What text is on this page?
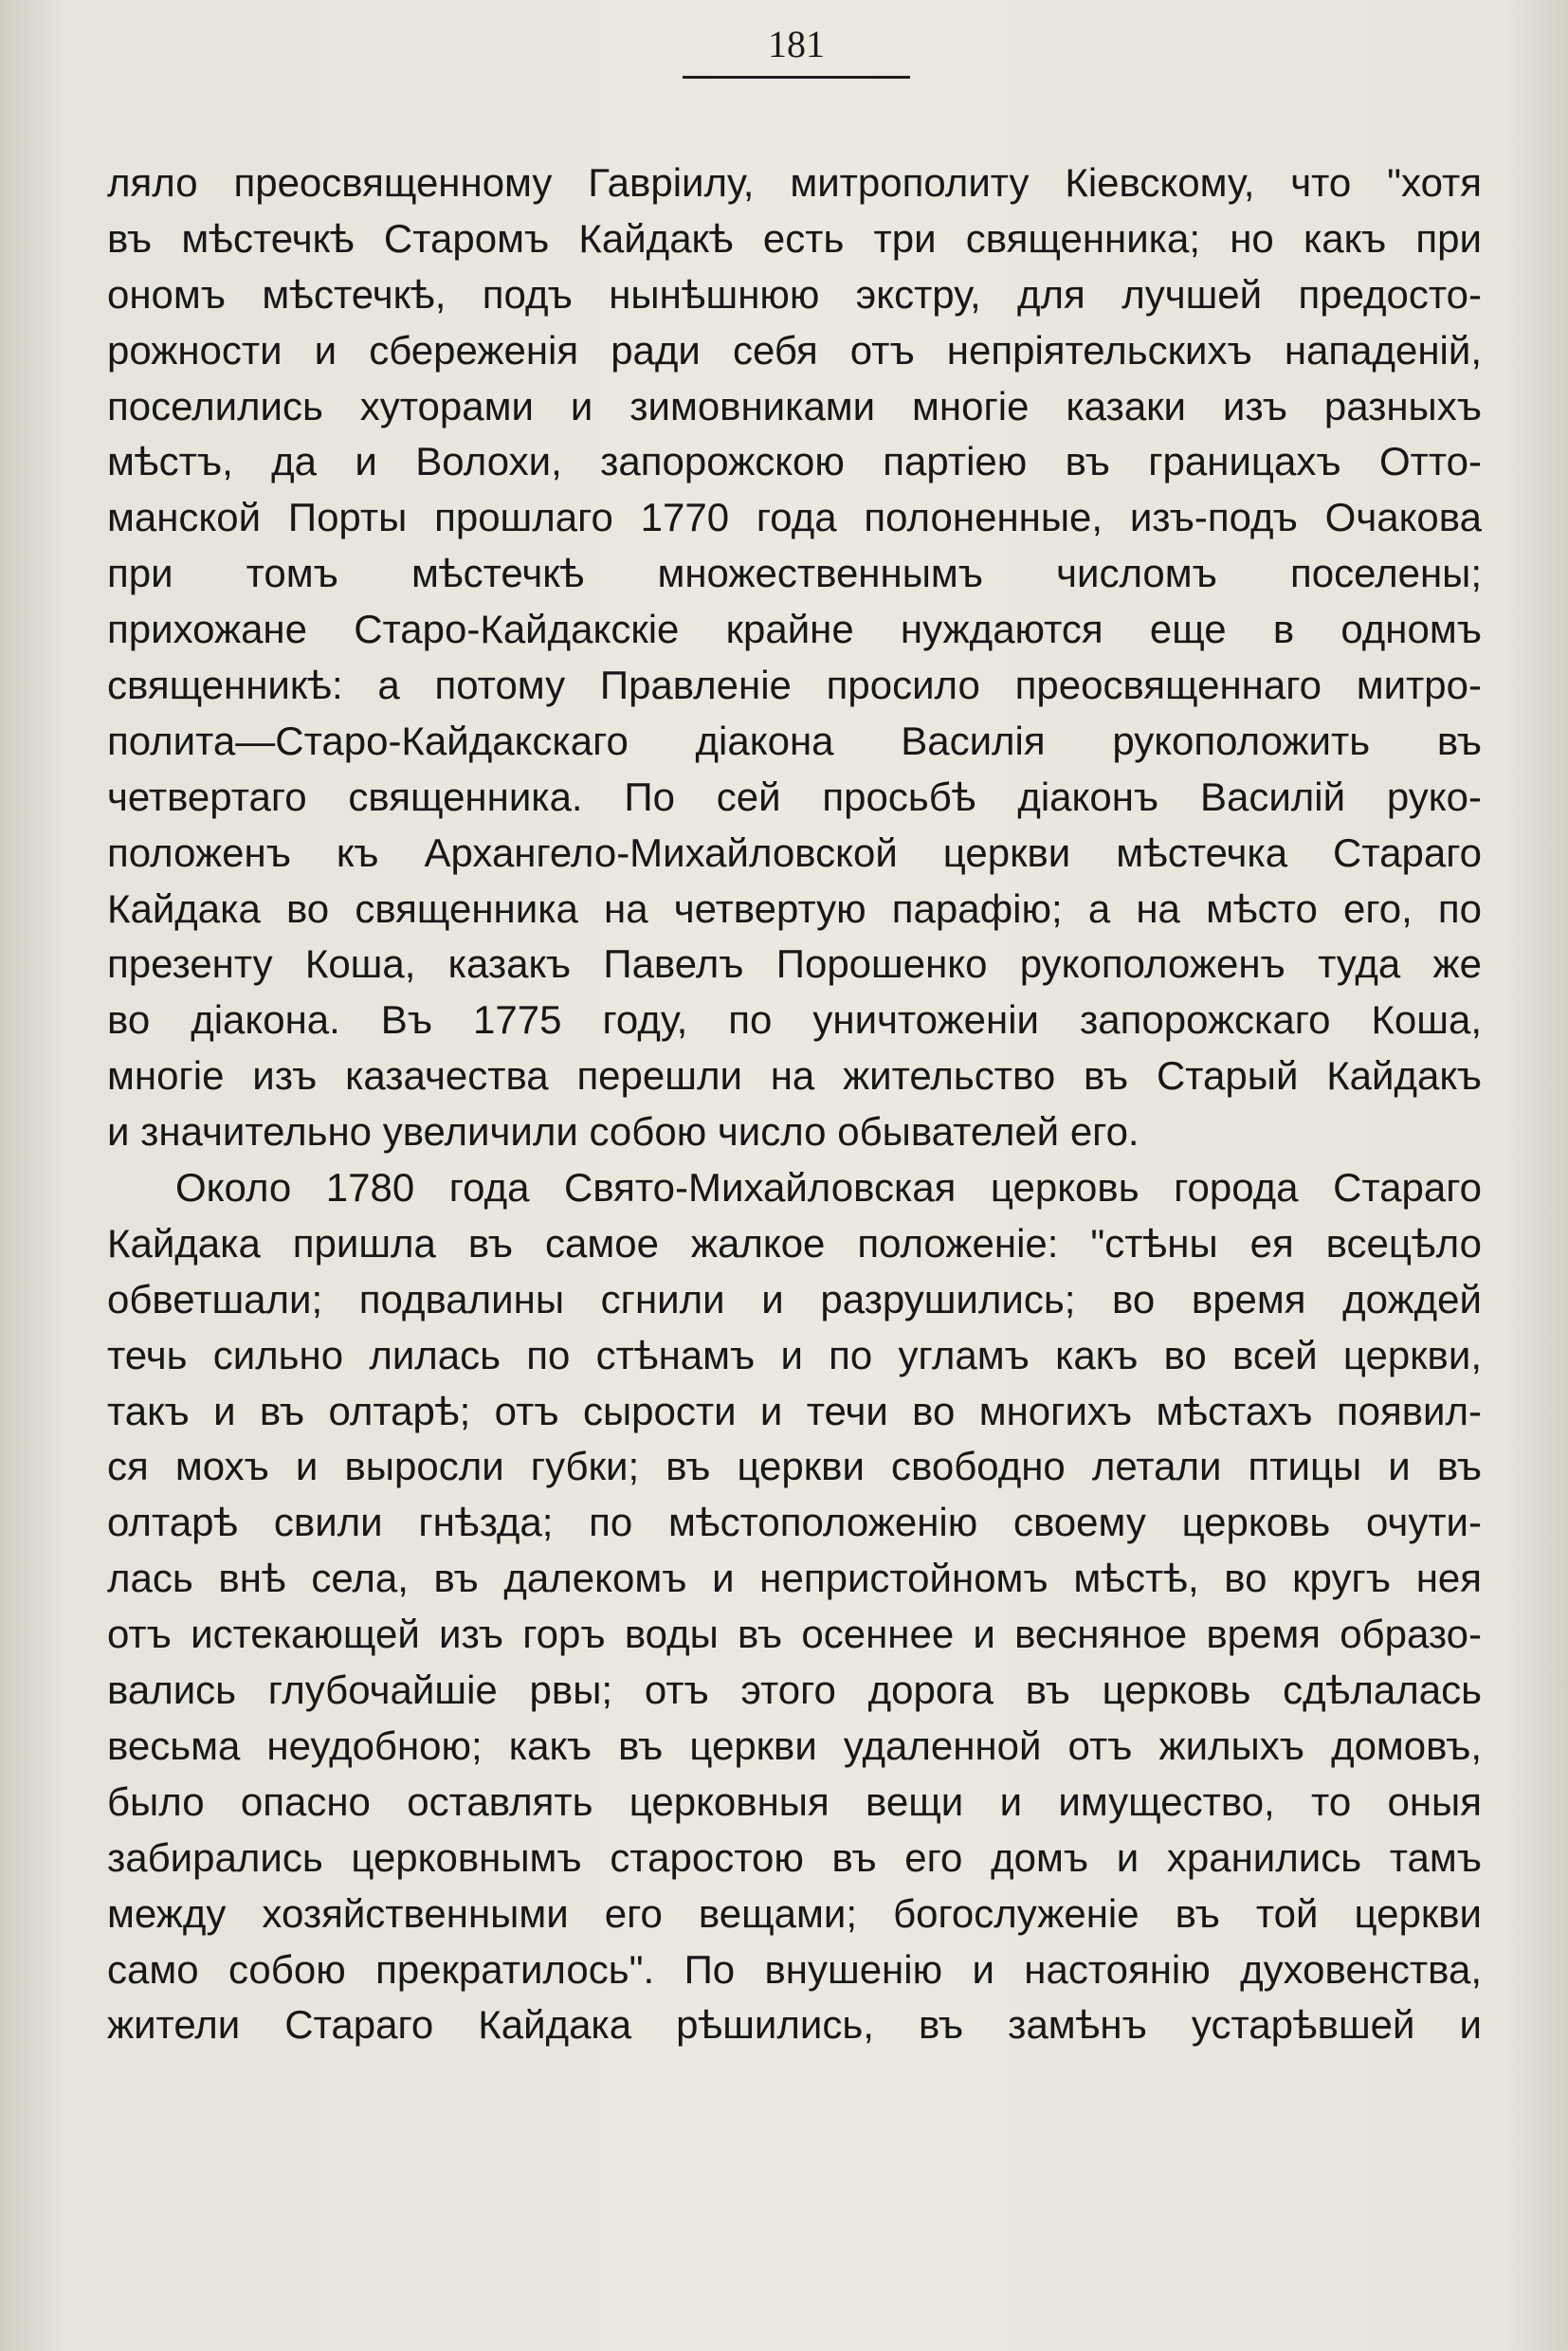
181
ляло преосвященному Гавріилу, митрополиту Кіевскому, что "хотя
въ мѣстечкѣ Старомъ Кайдакѣ есть три священника; но какъ при
ономъ мѣстечкѣ, подъ нынѣшнюю экстру, для лучшей предосто-
рожности и сбереженія ради себя отъ непріятельскихъ нападеній,
поселились хуторами и зимовниками многіе казаки изъ разныхъ
мѣстъ, да и Волохи, запорожскою партіею въ границахъ Отто-
манской Порты прошлаго 1770 года полоненные, изъ-подъ Очакова
при томъ мѣстечкѣ множественнымъ числомъ поселены;
прихожане Старо-Кайдакскіе крайне нуждаются еще в одномъ
священникѣ: а потому Правленіе просило преосвященнаго митро-
полита—Старо-Кайдакскаго діакона Василія рукоположить въ
четвертаго священника. По сей просьбѣ діаконъ Василій руко-
положенъ къ Архангело-Михайловской церкви мѣстечка Стараго
Кайдака во священника на четвертую парафію; а на мѣсто его, по
презенту Коша, казакъ Павелъ Порошенко рукоположенъ туда же
во діакона. Въ 1775 году, по уничтоженіи запорожскаго Коша,
многіе изъ казачества перешли на жительство въ Старый Кайдакъ
и значительно увеличили собою число обывателей его.
Около 1780 года Свято-Михайловская церковь города Стараго
Кайдака пришла въ самое жалкое положеніе: "стѣны ея всецѣло
обветшали; подвалины сгнили и разрушились; во время дождей
течь сильно лилась по стѣнамъ и по угламъ какъ во всей церкви,
такъ и въ олтарѣ; отъ сырости и течи во многихъ мѣстахъ появил-
ся мохъ и выросли губки; въ церкви свободно летали птицы и въ
олтарѣ свили гнѣзда; по мѣстоположенію своему церковь очути-
лась внѣ села, въ далекомъ и непристойномъ мѣстѣ, во кругъ нея
отъ истекающей изъ горъ воды въ осеннее и весняное время образо-
вались глубочайшіе рвы; отъ этого дорога въ церковь сдѣлалась
весьма неудобною; какъ въ церкви удаленной отъ жилыхъ домовъ,
было опасно оставлять церковныя вещи и имущество, то оныя
забирались церковнымъ старостою въ его домъ и хранились тамъ
между хозяйственными его вещами; богослуженіе въ той церкви
само собою прекратилось". По внушенію и настоянію духовенства,
жители Стараго Кайдака рѣшились, въ замѣнъ устарѣвшей и
